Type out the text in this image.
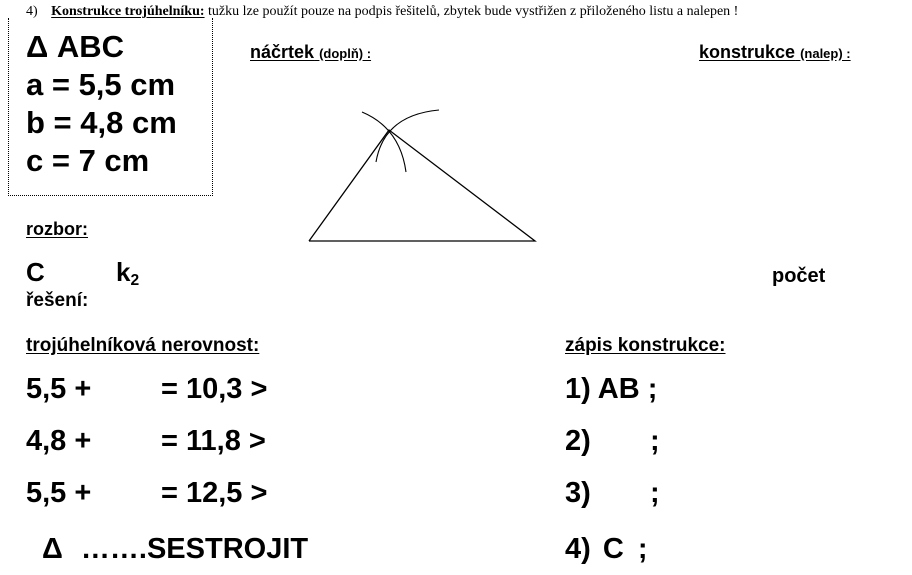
4) Konstrukce trojúhelníku: tužku lze použít pouze na podpis řešitelů, zbytek bude vystřižen z přiloženého listu a nalepen !
Δ ABC
a = 5,5 cm
b = 4,8 cm
c = 7 cm
náčrtek (doplň) :	konstrukce (nalep) :
rozbor:
C	$k_2$	počet
řešení:
trojúhelníková nerovnost:
5,5 + = 10,3 >
4,8 + = 11,8 >
5,5 + = 12,5 >
Δ …….SESTROJIT
zápis konstrukce:
1) AB ;
2) ;
3) ;
4) C ;
